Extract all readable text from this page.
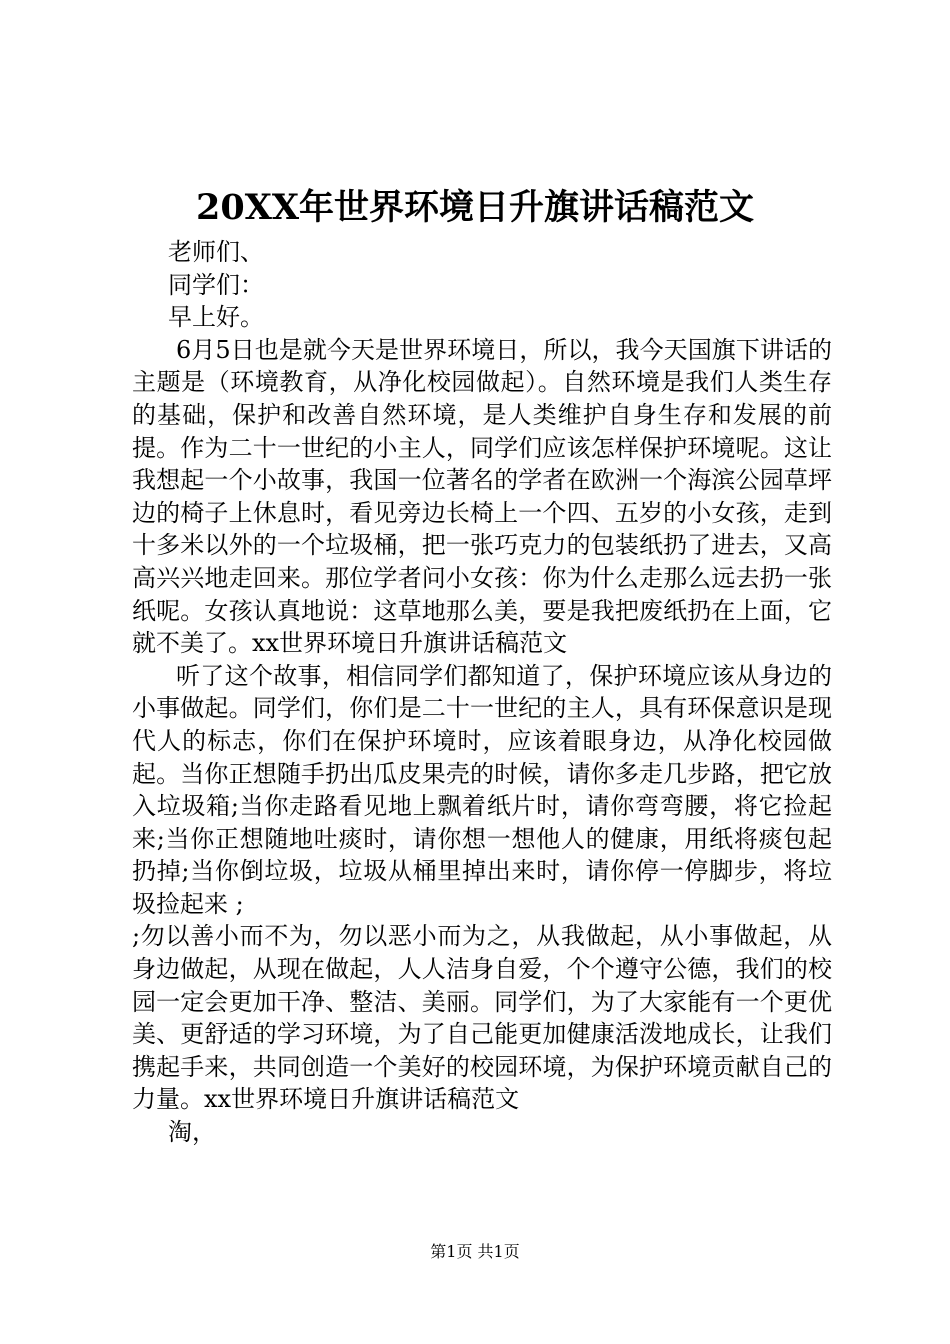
20XX年世界环境日升旗讲话稿范文

老师们、

同学们：

早上好。

6月5日也是就今天是世界环境日，所以，我今天国旗下讲话的主题是（环境教育，从净化校园做起）。自然环境是我们人类生存的基础，保护和改善自然环境，是人类维护自身生存和发展的前提。作为二十一世纪的小主人，同学们应该怎样保护环境呢。这让我想起一个小故事，我国一位著名的学者在欧洲一个海滨公园草坪边的椅子上休息时，看见旁边长椅上一个四、五岁的小女孩，走到十多米以外的一个垃圾桶，把一张巧克力的包装纸扔了进去，又高高兴兴地走回来。那位学者问小女孩：你为什么走那么远去扔一张纸呢。女孩认真地说：这草地那么美，要是我把废纸扔在上面，它就不美了。xx世界环境日升旗讲话稿范文

听了这个故事，相信同学们都知道了，保护环境应该从身边的小事做起。同学们，你们是二十一世纪的主人，具有环保意识是现代人的标志，你们在保护环境时，应该着眼身边，从净化校园做起。当你正想随手扔出瓜皮果壳的时候，请你多走几步路，把它放入垃圾箱;当你走路看见地上飘着纸片时，请你弯弯腰，将它捡起来;当你正想随地吐痰时，请你想一想他人的健康，用纸将痰包起扔掉;当你倒垃圾，垃圾从桶里掉出来时，请你停一停脚步，将垃圾捡起来 ;

;勿以善小而不为，勿以恶小而为之，从我做起，从小事做起，从身边做起，从现在做起，人人洁身自爱，个个遵守公德，我们的校园一定会更加干净、整洁、美丽。同学们，为了大家能有一个更优美、更舒适的学习环境，为了自己能更加健康活泼地成长，让我们携起手来，共同创造一个美好的校园环境，为保护环境贡献自己的力量。xx世界环境日升旗讲话稿范文

淘，

第1页 共1页
